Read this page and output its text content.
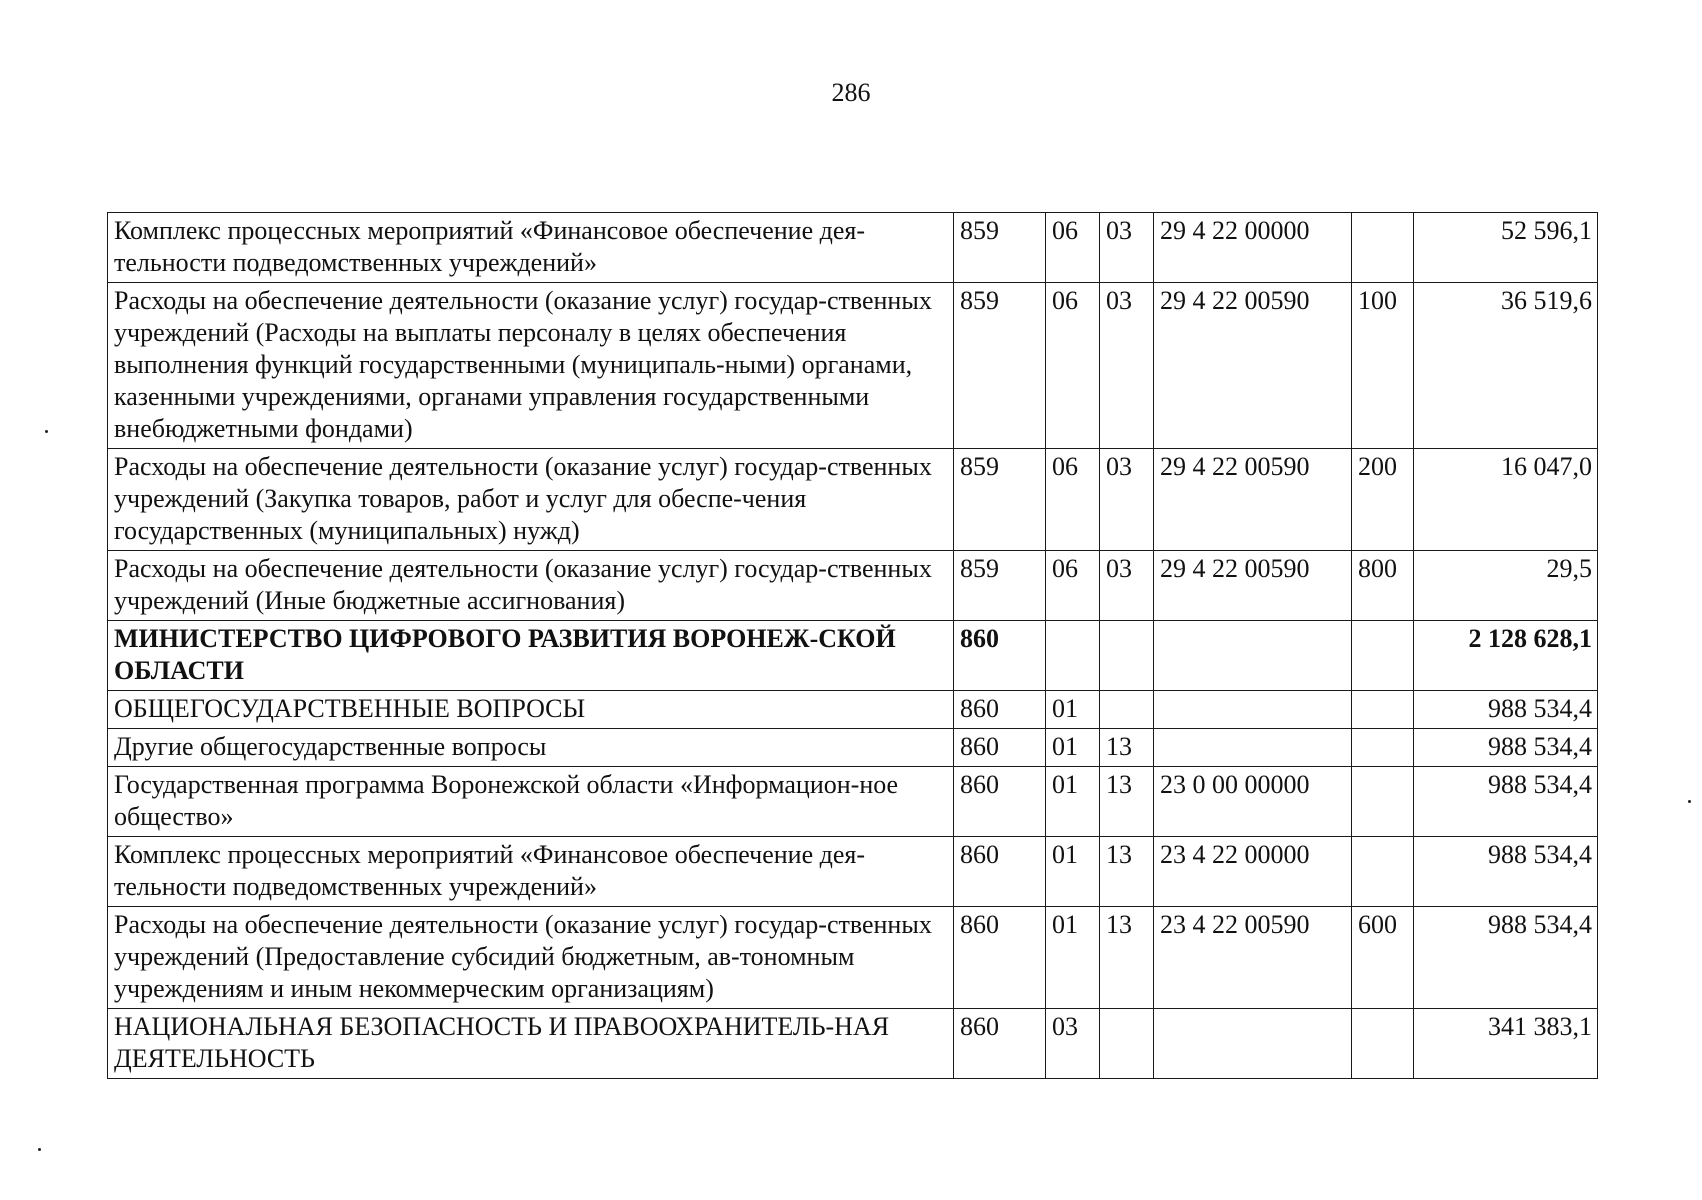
286
Комплекс процессных мероприятий «Финансовое обеспечение дея-тельности подведомственных учреждений»	859	06	03	29 4 22 00000		52 596,1
Расходы на обеспечение деятельности (оказание услуг) государ-ственных учреждений (Расходы на выплаты персоналу в целях обеспечения выполнения функций государственными (муниципаль-ными) органами, казенными учреждениями, органами управления государственными внебюджетными фондами)	859	06	03	29 4 22 00590	100	36 519,6
Расходы на обеспечение деятельности (оказание услуг) государ-ственных учреждений (Закупка товаров, работ и услуг для обеспе-чения государственных (муниципальных) нужд)	859	06	03	29 4 22 00590	200	16 047,0
Расходы на обеспечение деятельности (оказание услуг) государ-ственных учреждений (Иные бюджетные ассигнования)	859	06	03	29 4 22 00590	800	29,5
МИНИСТЕРСТВО ЦИФРОВОГО РАЗВИТИЯ ВОРОНЕЖ-СКОЙ ОБЛАСТИ	860					2 128 628,1
ОБЩЕГОСУДАРСТВЕННЫЕ ВОПРОСЫ	860	01				988 534,4
Другие общегосударственные вопросы	860	01	13			988 534,4
Государственная программа Воронежской области «Информацион-ное общество»	860	01	13	23 0 00 00000		988 534,4
Комплекс процессных мероприятий «Финансовое обеспечение дея-тельности подведомственных учреждений»	860	01	13	23 4 22 00000		988 534,4
Расходы на обеспечение деятельности (оказание услуг) государ-ственных учреждений (Предоставление субсидий бюджетным, ав-тономным учреждениям и иным некоммерческим организациям)	860	01	13	23 4 22 00590	600	988 534,4
НАЦИОНАЛЬНАЯ БЕЗОПАСНОСТЬ И ПРАВООХРАНИТЕЛЬ-НАЯ ДЕЯТЕЛЬНОСТЬ	860	03				341 383,1
